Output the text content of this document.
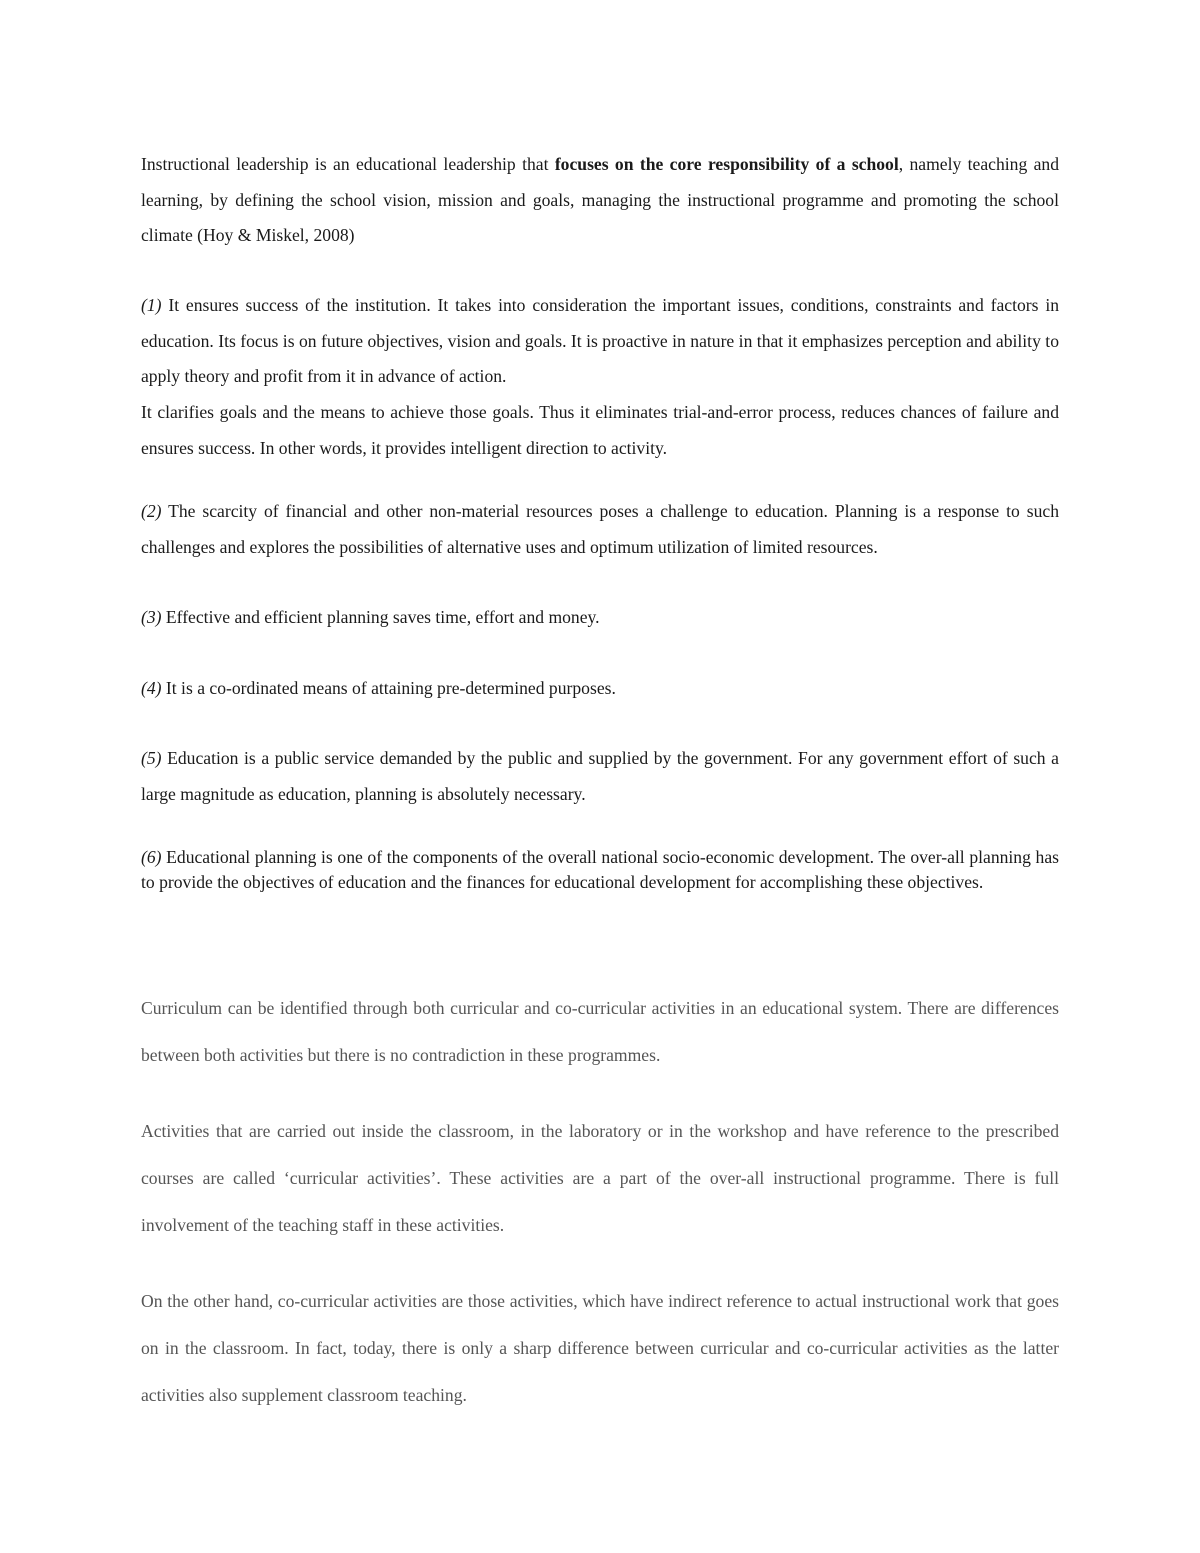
Instructional leadership is an educational leadership that focuses on the core responsibility of a school, namely teaching and learning, by defining the school vision, mission and goals, managing the instructional programme and promoting the school climate (Hoy & Miskel, 2008)

(1) It ensures success of the institution. It takes into consideration the important issues, conditions, constraints and factors in education. Its focus is on future objectives, vision and goals. It is proactive in nature in that it emphasizes perception and ability to apply theory and profit from it in advance of action.

It clarifies goals and the means to achieve those goals. Thus it eliminates trial-and-error process, reduces chances of failure and ensures success. In other words, it provides intelligent direction to activity.

(2) The scarcity of financial and other non-material resources poses a challenge to education. Planning is a response to such challenges and explores the possibilities of alternative uses and optimum utilization of limited resources.

(3) Effective and efficient planning saves time, effort and money.

(4) It is a co-ordinated means of attaining pre-determined purposes.

(5) Education is a public service demanded by the public and supplied by the government. For any government effort of such a large magnitude as education, planning is absolutely necessary.

(6) Educational planning is one of the components of the overall national socio-economic development. The over-all planning has to provide the objectives of education and the finances for educational development for accomplishing these objectives.

Curriculum can be identified through both curricular and co-curricular activities in an educational system. There are differences between both activities but there is no contradiction in these programmes.

Activities that are carried out inside the classroom, in the laboratory or in the workshop and have reference to the prescribed courses are called ‘curricular activities’. These activities are a part of the over-all instructional programme. There is full involvement of the teaching staff in these activities.

On the other hand, co-curricular activities are those activities, which have indirect reference to actual instructional work that goes on in the classroom. In fact, today, there is only a sharp difference between curricular and co-curricular activities as the latter activities also supplement classroom teaching.
